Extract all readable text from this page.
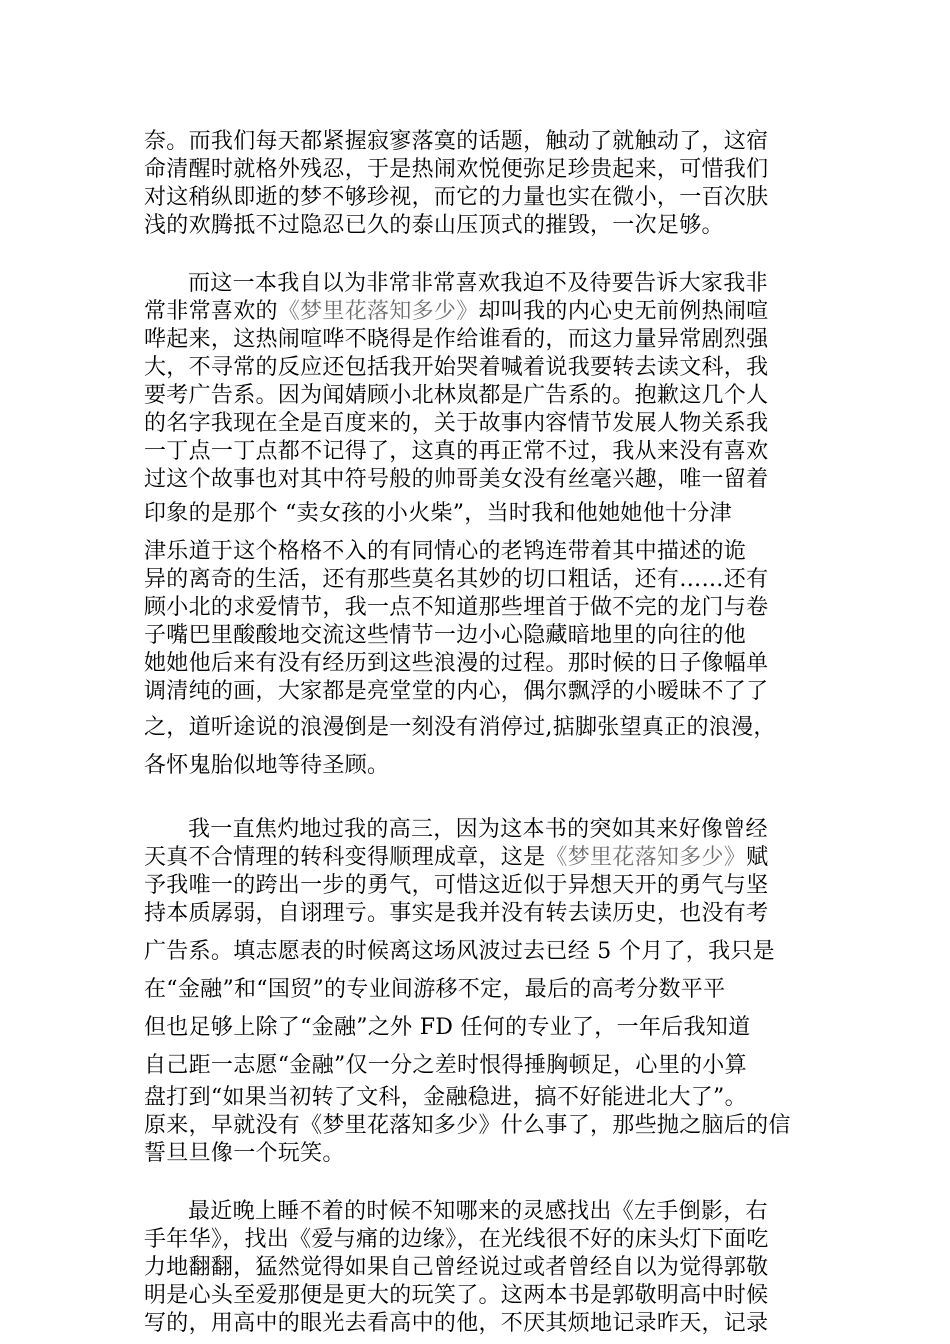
奈。而我们每天都紧握寂寥落寞的话题，触动了就触动了，这宿
命清醒时就格外残忍，于是热闹欢悦便弥足珍贵起来，可惜我们
对这稍纵即逝的梦不够珍视，而它的力量也实在微小，一百次肤
浅的欢腾抵不过隐忍已久的泰山压顶式的摧毁，一次足够。
而这一本我自以为非常非常喜欢我迫不及待要告诉大家我非
常非常喜欢的《梦里花落知多少》却叫我的内心史无前例热闹喧
哗起来，这热闹喧哗不晓得是作给谁看的，而这力量异常剧烈强
大，不寻常的反应还包括我开始哭着喊着说我要转去读文科，我
要考广告系。因为闻婧顾小北林岚都是广告系的。抱歉这几个人
的名字我现在全是百度来的，关于故事内容情节发展人物关系我
一丁点一丁点都不记得了，这真的再正常不过，我从来没有喜欢
过这个故事也对其中符号般的帅哥美女没有丝毫兴趣，唯一留着
印象的是那个 “卖女孩的小火柴”，当时我和他她她他十分津
津乐道于这个格格不入的有同情心的老鸨连带着其中描述的诡
异的离奇的生活，还有那些莫名其妙的切口粗话，还有……还有
顾小北的求爱情节，我一点不知道那些埋首于做不完的龙门与卷
子嘴巴里酸酸地交流这些情节一边小心隐藏暗地里的向往的他
她她他后来有没有经历到这些浪漫的过程。那时候的日子像幅单
调清纯的画，大家都是亮堂堂的内心，偶尔飘浮的小暧昧不了了
之，道听途说的浪漫倒是一刻没有消停过,掂脚张望真正的浪漫，
各怀鬼胎似地等待圣顾。
我一直焦灼地过我的高三，因为这本书的突如其来好像曾经
天真不合情理的转科变得顺理成章，这是《梦里花落知多少》赋
予我唯一的跨出一步的勇气，可惜这近似于异想天开的勇气与坚
持本质孱弱，自诩理亏。事实是我并没有转去读历史，也没有考
广告系。填志愿表的时候离这场风波过去已经 5 个月了，我只是
在“金融”和“国贸”的专业间游移不定，最后的高考分数平平
但也足够上除了“金融”之外 FD 任何的专业了，一年后我知道
自己距一志愿“金融”仅一分之差时恨得捶胸顿足，心里的小算
盘打到“如果当初转了文科，金融稳进，搞不好能进北大了”。
原来，早就没有《梦里花落知多少》什么事了，那些抛之脑后的信
誓旦旦像一个玩笑。
最近晚上睡不着的时候不知哪来的灵感找出《左手倒影，右
手年华》，找出《爱与痛的边缘》，在光线很不好的床头灯下面吃
力地翻翻，猛然觉得如果自己曾经说过或者曾经自以为觉得郭敬
明是心头至爱那便是更大的玩笑了。这两本书是郭敬明高中时候
写的，用高中的眼光去看高中的他，不厌其烦地记录昨天，记录
